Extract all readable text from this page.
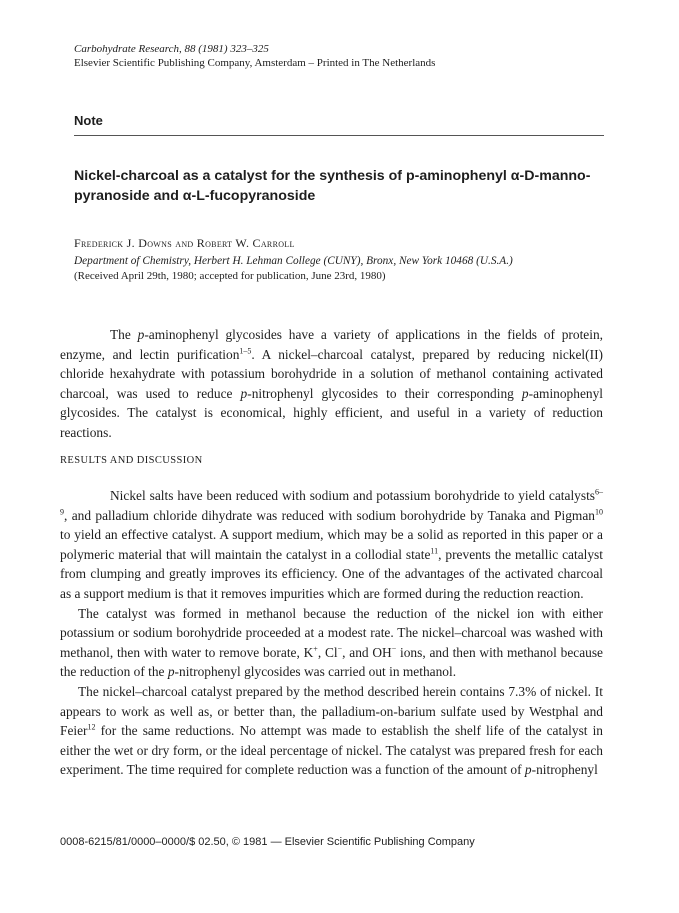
Carbohydrate Research, 88 (1981) 323–325
Elsevier Scientific Publishing Company, Amsterdam – Printed in The Netherlands
Note
Nickel-charcoal as a catalyst for the synthesis of p-aminophenyl α-D-manno-
pyranoside and α-L-fucopyranoside
Frederick J. Downs and Robert W. Carroll
Department of Chemistry, Herbert H. Lehman College (CUNY), Bronx, New York 10468 (U.S.A.)
(Received April 29th, 1980; accepted for publication, June 23rd, 1980)

The p-aminophenyl glycosides have a variety of applications in the fields of protein, enzyme, and lectin purification$^{1-5}$. A nickel–charcoal catalyst, prepared by reducing nickel(II) chloride hexahydrate with potassium borohydride in a solution of methanol containing activated charcoal, was used to reduce p-nitrophenyl glycosides to their corresponding p-aminophenyl glycosides. The catalyst is economical, highly efficient, and useful in a variety of reduction reactions.

RESULTS AND DISCUSSION

Nickel salts have been reduced with sodium and potassium borohydride to yield catalysts$^{6-9}$, and palladium chloride dihydrate was reduced with sodium borohydride by Tanaka and Pigman$^{10}$ to yield an effective catalyst. A support medium, which may be a solid as reported in this paper or a polymeric material that will maintain the catalyst in a collodial state$^{11}$, prevents the metallic catalyst from clumping and greatly improves its efficiency. One of the advantages of the activated charcoal as a support medium is that it removes impurities which are formed during the reduction reaction.

The catalyst was formed in methanol because the reduction of the nickel ion with either potassium or sodium borohydride proceeded at a modest rate. The nickel–charcoal was washed with methanol, then with water to remove borate, K+, Cl−, and OH− ions, and then with methanol because the reduction of the p-nitrophenyl glycosides was carried out in methanol.

The nickel–charcoal catalyst prepared by the method described herein contains 7.3% of nickel. It appears to work as well as, or better than, the palladium-on-barium sulfate used by Westphal and Feier$^{12}$ for the same reductions. No attempt was made to establish the shelf life of the catalyst in either the wet or dry form, or the ideal percentage of nickel. The catalyst was prepared fresh for each experiment. The time required for complete reduction was a function of the amount of p-nitrophenyl

0008-6215/81/0000–0000/$ 02.50, © 1981 — Elsevier Scientific Publishing Company
